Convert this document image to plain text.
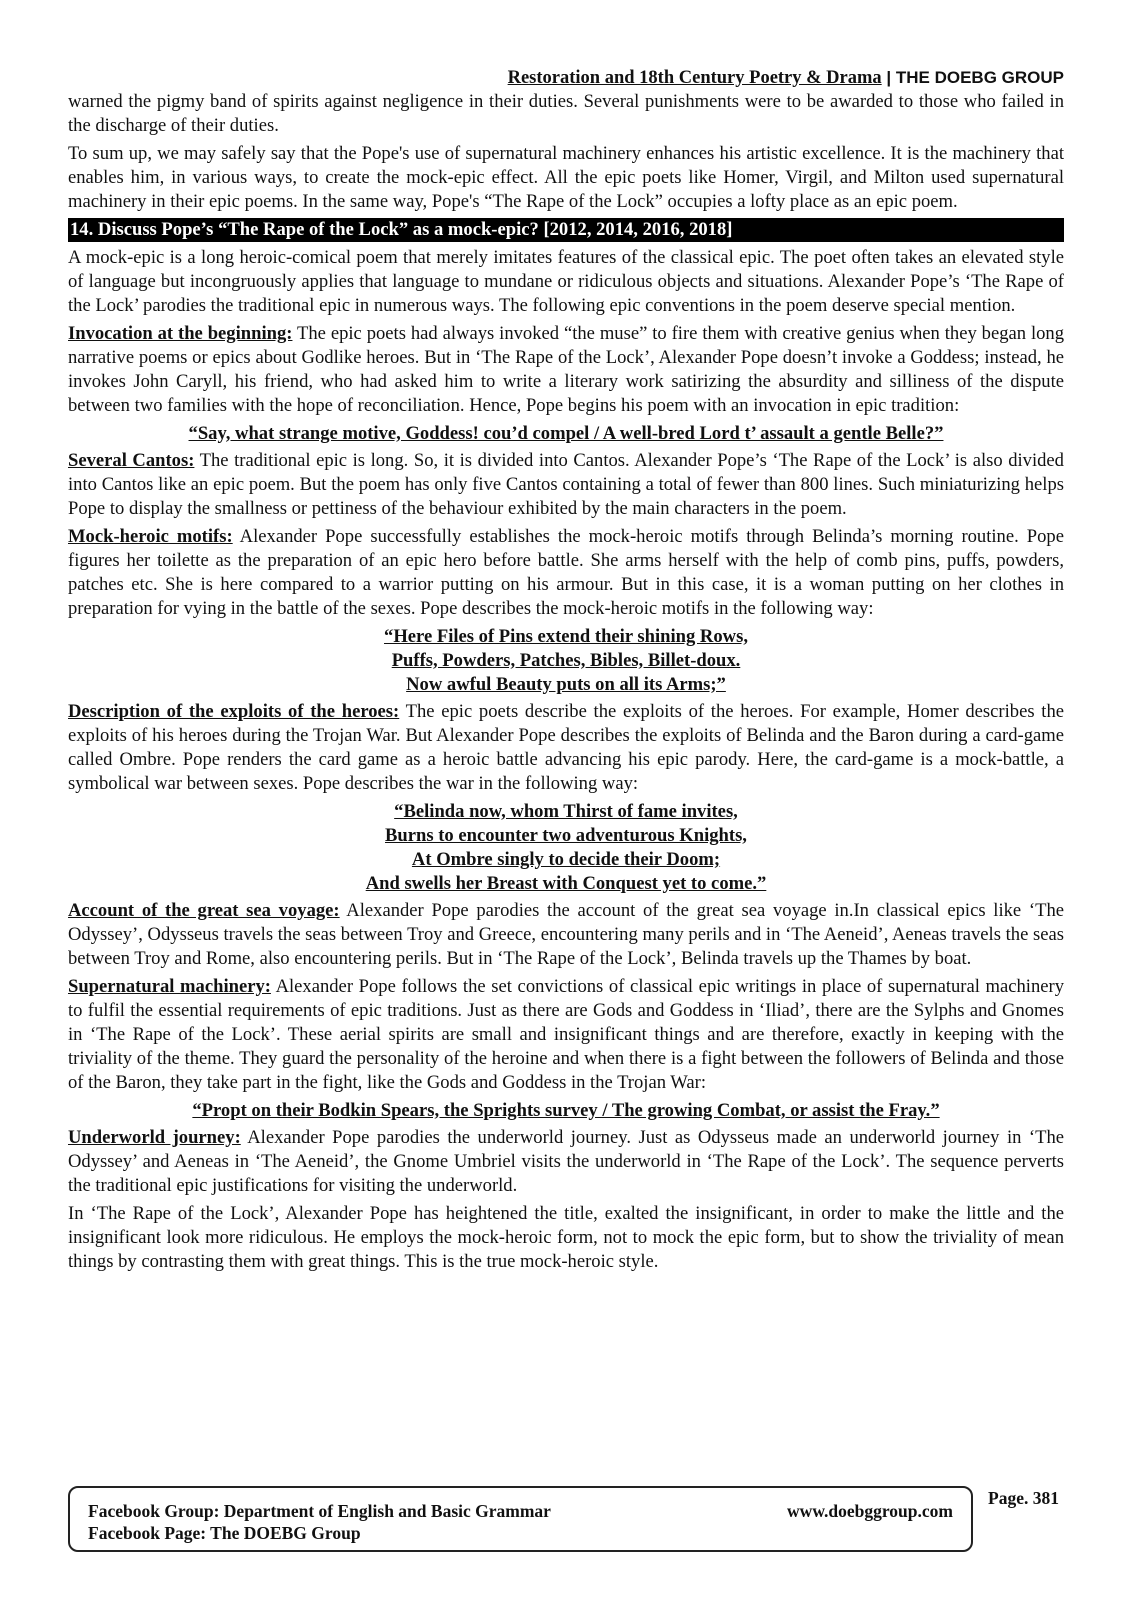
Restoration and 18th Century Poetry & Drama | THE DOEBG GROUP

warned the pigmy band of spirits against negligence in their duties. Several punishments were to be awarded to those who failed in the discharge of their duties.

To sum up, we may safely say that the Pope's use of supernatural machinery enhances his artistic excellence. It is the machinery that enables him, in various ways, to create the mock-epic effect. All the epic poets like Homer, Virgil, and Milton used supernatural machinery in their epic poems. In the same way, Pope's “The Rape of the Lock” occupies a lofty place as an epic poem.

14. Discuss Pope’s “The Rape of the Lock” as a mock-epic? [2012, 2014, 2016, 2018]

A mock-epic is a long heroic-comical poem that merely imitates features of the classical epic. The poet often takes an elevated style of language but incongruously applies that language to mundane or ridiculous objects and situations. Alexander Pope’s ‘The Rape of the Lock’ parodies the traditional epic in numerous ways. The following epic conventions in the poem deserve special mention.

Invocation at the beginning: The epic poets had always invoked “the muse” to fire them with creative genius when they began long narrative poems or epics about Godlike heroes. But in ‘The Rape of the Lock’, Alexander Pope doesn’t invoke a Goddess; instead, he invokes John Caryll, his friend, who had asked him to write a literary work satirizing the absurdity and silliness of the dispute between two families with the hope of reconciliation. Hence, Pope begins his poem with an invocation in epic tradition:

“Say, what strange motive, Goddess! cou’d compel / A well-bred Lord t’ assault a gentle Belle?”

Several Cantos: The traditional epic is long. So, it is divided into Cantos. Alexander Pope’s ‘The Rape of the Lock’ is also divided into Cantos like an epic poem. But the poem has only five Cantos containing a total of fewer than 800 lines. Such miniaturizing helps Pope to display the smallness or pettiness of the behaviour exhibited by the main characters in the poem.

Mock-heroic motifs: Alexander Pope successfully establishes the mock-heroic motifs through Belinda’s morning routine. Pope figures her toilette as the preparation of an epic hero before battle. She arms herself with the help of comb pins, puffs, powders, patches etc. She is here compared to a warrior putting on his armour. But in this case, it is a woman putting on her clothes in preparation for vying in the battle of the sexes. Pope describes the mock-heroic motifs in the following way:

“Here Files of Pins extend their shining Rows,

Puffs, Powders, Patches, Bibles, Billet-doux.

Now awful Beauty puts on all its Arms;”

Description of the exploits of the heroes: The epic poets describe the exploits of the heroes. For example, Homer describes the exploits of his heroes during the Trojan War. But Alexander Pope describes the exploits of Belinda and the Baron during a card-game called Ombre. Pope renders the card game as a heroic battle advancing his epic parody. Here, the card-game is a mock-battle, a symbolical war between sexes. Pope describes the war in the following way:

“Belinda now, whom Thirst of fame invites,

Burns to encounter two adventurous Knights,

At Ombre singly to decide their Doom;

And swells her Breast with Conquest yet to come.”

Account of the great sea voyage: Alexander Pope parodies the account of the great sea voyage in.In classical epics like ‘The Odyssey’, Odysseus travels the seas between Troy and Greece, encountering many perils and in ‘The Aeneid’, Aeneas travels the seas between Troy and Rome, also encountering perils. But in ‘The Rape of the Lock’, Belinda travels up the Thames by boat.

Supernatural machinery: Alexander Pope follows the set convictions of classical epic writings in place of supernatural machinery to fulfil the essential requirements of epic traditions. Just as there are Gods and Goddess in ‘Iliad’, there are the Sylphs and Gnomes in ‘The Rape of the Lock’. These aerial spirits are small and insignificant things and are therefore, exactly in keeping with the triviality of the theme. They guard the personality of the heroine and when there is a fight between the followers of Belinda and those of the Baron, they take part in the fight, like the Gods and Goddess in the Trojan War:

“Propt on their Bodkin Spears, the Sprights survey / The growing Combat, or assist the Fray.”

Underworld journey: Alexander Pope parodies the underworld journey. Just as Odysseus made an underworld journey in ‘The Odyssey’ and Aeneas in ‘The Aeneid’, the Gnome Umbriel visits the underworld in ‘The Rape of the Lock’. The sequence perverts the traditional epic justifications for visiting the underworld.

In ‘The Rape of the Lock’, Alexander Pope has heightened the title, exalted the insignificant, in order to make the little and the insignificant look more ridiculous. He employs the mock-heroic form, not to mock the epic form, but to show the triviality of mean things by contrasting them with great things. This is the true mock-heroic style.

Facebook Group: Department of English and Basic Grammar
Facebook Page: The DOEBG Group
www.doebggroup.com
Page. 381
